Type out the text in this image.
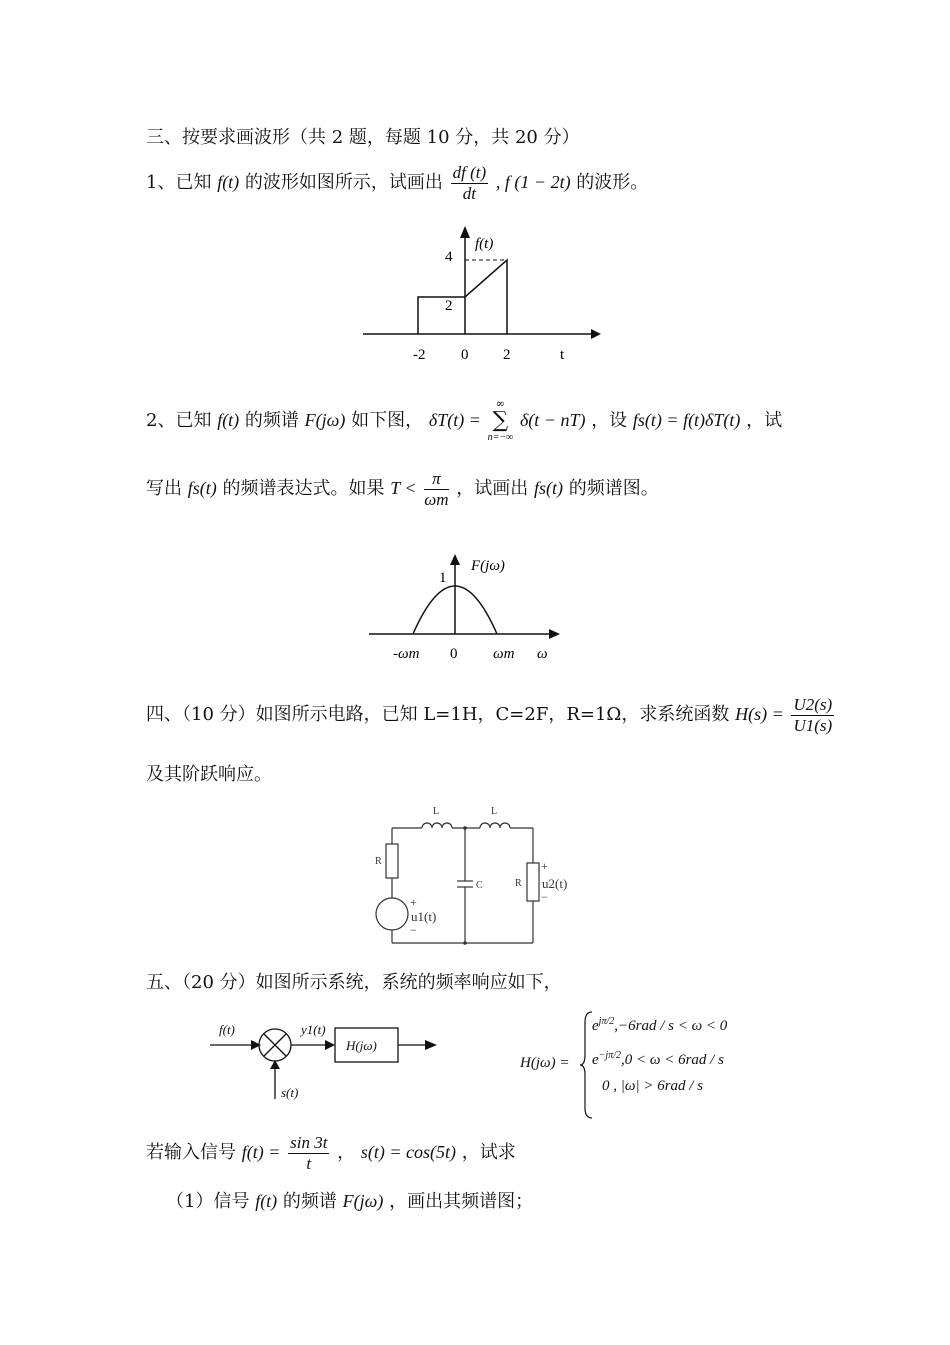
三、按要求画波形（共 2 题，每题 10 分，共 20 分）
1、已知 f(t) 的波形如图所示，试画出 $\frac{df (t)}{dt}$ , f (1 − 2t) 的波形。
f(t)
4
2
-2 0 2	t
2、已知 f(t) 的频谱 F(jω) 如下图， δT(t) =
∞
∑
n=−∞
δ(t − nT) ，设 fs(t) = f(t)δT(t) ，试
写出 fs(t) 的频谱表达式。如果 $T < \frac{\pi}{\omega m}$ ，试画出 fs(t) 的频谱图。
F(jω)
1
-ωm 0 ωm ω
四、（10 分）如图所示电路，已知 L=1H，C=2F，R=1Ω，求系统函数 $H(s) = \frac{U2(s)}{U1(s)}$
及其阶跃响应。
L	L
R
C	R
+
u2(t)
−
+
u1(t)
−
五、（20 分）如图所示系统，系统的频率响应如下，
f(t)	y1(t)
H(jω)
s(t)
H(jω) =
$e^{j\pi/2},-6rad / s < \omega < 0$
$e^{-j\pi/2},0 < \omega < 6rad / s$
0 , |ω| > 6rad / s
若输入信号 $f(t) = \frac{\sin 3t}{t}$ ， s(t) = cos(5t) ，试求
（1）信号 f(t) 的频谱 F(jω) ，画出其频谱图；
